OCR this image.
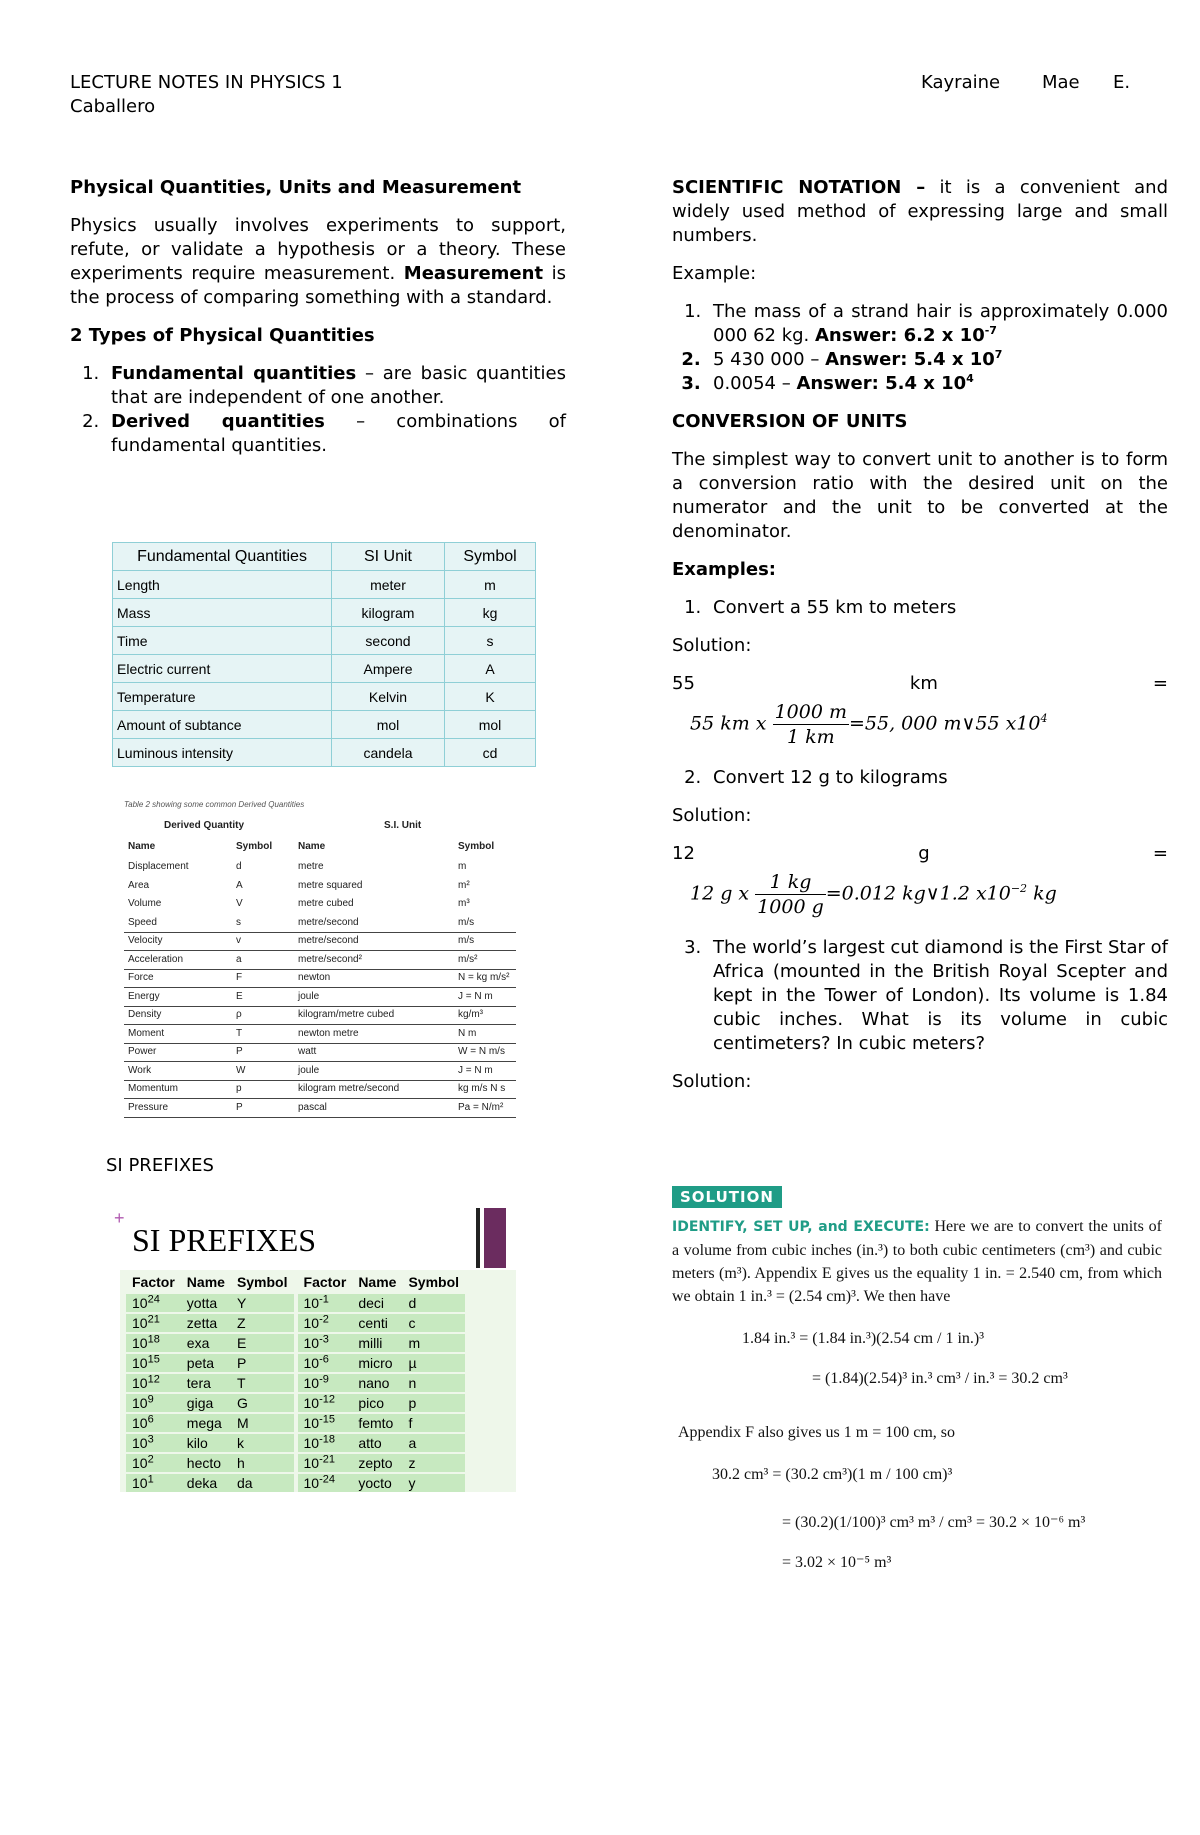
LECTURE NOTES IN PHYSICS 1	Kayraine Mae E.
Caballero

Physical Quantities, Units and Measurement

Physics usually involves experiments to support, refute, or validate a hypothesis or a theory. These experiments require measurement. Measurement is the process of comparing something with a standard.

2 Types of Physical Quantities

1. Fundamental quantities – are basic quantities that are independent of one another.
2. Derived quantities – combinations of fundamental quantities.
Fundamental Quantities	SI Unit	Symbol
Length	meter	m
Mass	kilogram	kg
Time	second	s
Electric current	Ampere	A
Temperature	Kelvin	K
Amount of subtance	mol	mol
Luminous intensity	candela	cd
Table 2 showing some common Derived Quantities
Derived Quantity	S.I. Unit
Name	Symbol	Name	Symbol
Displacement	d	metre	m
Area	A	metre squared	m²
Volume	V	metre cubed	m³
Speed	s	metre/second	m/s
Velocity	v	metre/second	m/s
Acceleration	a	metre/second²	m/s²
Force	F	newton	N = kg m/s²
Energy	E	joule	J = N m
Density	ρ	kilogram/metre cubed	kg/m³
Moment	T	newton metre	N m
Power	P	watt	W = N m/s
Work	W	joule	J = N m
Momentum	p	kilogram metre/second	kg m/s N s
Pressure	P	pascal	Pa = N/m²
SI PREFIXES
+
SI PREFIXES
Factor	Name	Symbol		Factor	Name	Symbol
$10^{24}$	yotta	Y		$10^{-1}$	deci	d
$10^{21}$	zetta	Z		$10^{-2}$	centi	c
$10^{18}$	exa	E		$10^{-3}$	milli	m
$10^{15}$	peta	P		$10^{-6}$	micro	µ
$10^{12}$	tera	T		$10^{-9}$	nano	n
$10^9$	giga	G		$10^{-12}$	pico	p
$10^6$	mega	M		$10^{-15}$	femto	f
$10^3$	kilo	k		$10^{-18}$	atto	a
$10^2$	hecto	h		$10^{-21}$	zepto	z
$10^1$	deka	da		$10^{-24}$	yocto	y

SCIENTIFIC NOTATION – it is a convenient and widely used method of expressing large and small numbers.

Example:

1. The mass of a strand hair is approximately 0.000 000 62 kg. Answer: 6.2 x $10^{-7}$
2. 5 430 000 – Answer: 5.4 x $10^7$
3. 0.0054 – Answer: 5.4 x $10^4$

CONVERSION OF UNITS

The simplest way to convert unit to another is to form a conversion ratio with the desired unit on the numerator and the unit to be converted at the denominator.

Examples:

1. Convert a 55 km to meters

Solution:

55	km	=
55 km x $\frac{1000 m}{1 km} =55$, 000 m∨55 $x10^4$
2. Convert 12 g to kilograms

Solution:

12	g	=
12 g x $\frac{1 kg}{1000 g} =0.012$ kg∨1.2 $x10^{-2}$ kg
3. The world’s largest cut diamond is the First Star of Africa (mounted in the British Royal Scepter and kept in the Tower of London). Its volume is 1.84 cubic inches. What is its volume in cubic centimeters? In cubic meters?

Solution:

SOLUTION
IDENTIFY, SET UP, and EXECUTE: Here we are to convert the units of a volume from cubic inches (in.³) to both cubic centimeters (cm³) and cubic meters (m³). Appendix E gives us the equality 1 in. = 2.540 cm, from which we obtain 1 in.³ = (2.54 cm)³. We then have
1.84 in.³ = (1.84 in.³)(2.54 cm / 1 in.)³
= (1.84)(2.54)³ in.³ cm³ / in.³ = 30.2 cm³
Appendix F also gives us 1 m = 100 cm, so
30.2 cm³ = (30.2 cm³)(1 m / 100 cm)³
= (30.2)(1/100)³ cm³ m³ / cm³ = 30.2 × 10⁻⁶ m³
= 3.02 × 10⁻⁵ m³
